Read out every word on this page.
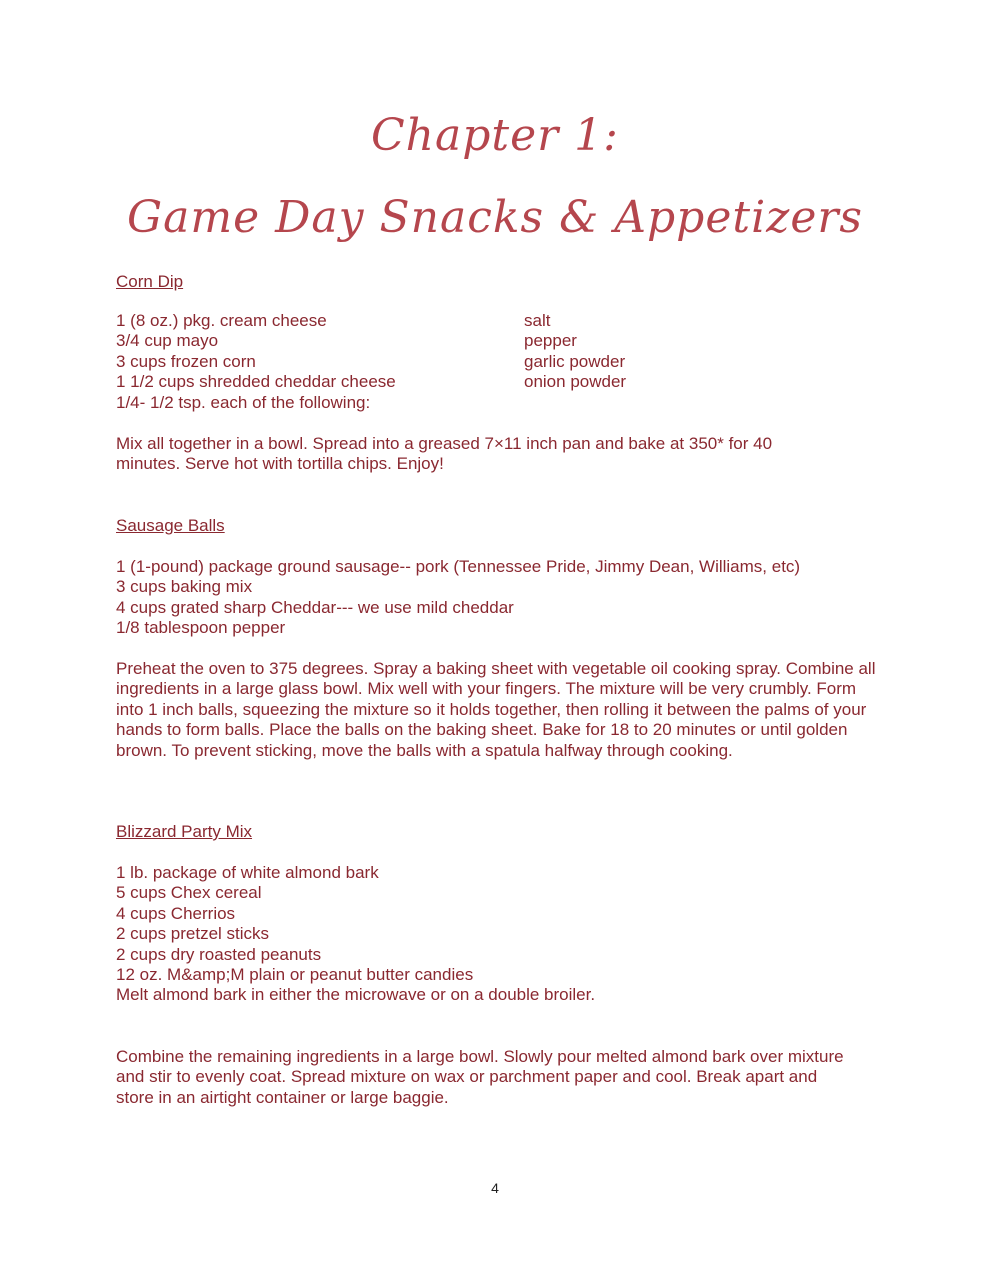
Chapter 1:
Game Day Snacks & Appetizers
Corn Dip
1 (8 oz.) pkg. cream cheese
3/4 cup mayo
3 cups frozen corn
1 1/2 cups shredded cheddar cheese
1/4- 1/2 tsp. each of the following:
salt
pepper
garlic powder
onion powder
Mix all together in a bowl. Spread into a greased 7×11 inch pan and bake at 350* for 40 minutes. Serve hot with tortilla chips. Enjoy!
Sausage Balls
1 (1-pound) package ground sausage-- pork (Tennessee Pride, Jimmy Dean, Williams, etc)
3 cups baking mix
4 cups grated sharp Cheddar--- we use mild cheddar
1/8 tablespoon pepper
Preheat the oven to 375 degrees. Spray a baking sheet with vegetable oil cooking spray. Combine all ingredients in a large glass bowl. Mix well with your fingers. The mixture will be very crumbly. Form into 1 inch balls, squeezing the mixture so it holds together, then rolling it between the palms of your hands to form balls. Place the balls on the baking sheet. Bake for 18 to 20 minutes or until golden brown. To prevent sticking, move the balls with a spatula halfway through cooking.
Blizzard Party Mix
1 lb. package of white almond bark
5 cups Chex cereal
4 cups Cherrios
2 cups pretzel sticks
2 cups dry roasted peanuts
12 oz. M&amp;M plain or peanut butter candies
Melt almond bark in either the microwave or on a double broiler.
Combine the remaining ingredients in a large bowl. Slowly pour melted almond bark over mixture and stir to evenly coat. Spread mixture on wax or parchment paper and cool. Break apart and store in an airtight container or large baggie.
4
